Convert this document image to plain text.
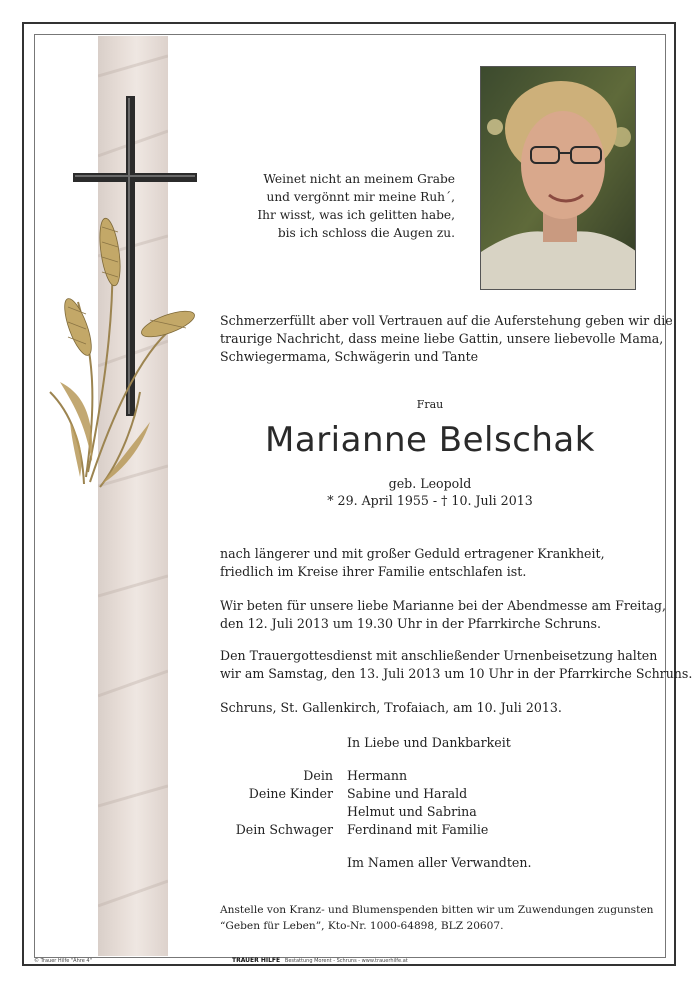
Weinet nicht an meinem Grabe
und vergönnt mir meine Ruh´,
Ihr wisst, was ich gelitten habe,
bis ich schloss die Augen zu.
Schmerzerfüllt aber voll Vertrauen auf die Auferstehung geben wir die
traurige Nachricht, dass meine liebe Gattin, unsere liebevolle Mama,
Schwiegermama, Schwägerin und Tante
Frau
Marianne Belschak
geb. Leopold
* 29. April 1955 - † 10. Juli 2013
nach längerer und mit großer Geduld ertragener Krankheit,
friedlich im Kreise ihrer Familie entschlafen ist.
Wir beten für unsere liebe Marianne bei der Abendmesse am Freitag,
den 12. Juli 2013 um 19.30 Uhr in der Pfarrkirche Schruns.
Den Trauergottesdienst mit anschließender Urnenbeisetzung halten
wir am Samstag, den 13. Juli 2013 um 10 Uhr in der Pfarrkirche Schruns.
Schruns, St. Gallenkirch, Trofaiach, am 10. Juli 2013.
In Liebe und Dankbarkeit
Dein Hermann
Deine Kinder Sabine und Harald
Helmut und Sabrina
Dein Schwager Ferdinand mit Familie
Im Namen aller Verwandten.
Anstelle von Kranz- und Blumenspenden bitten wir um Zuwendungen zugunsten
“Geben für Leben”, Kto-Nr. 1000-64898, BLZ 20607.
© Trauer Hilfe "Ähre 4"	TRAUER HILFE Bestattung Morent - Schruns - www.trauerhilfe.at
